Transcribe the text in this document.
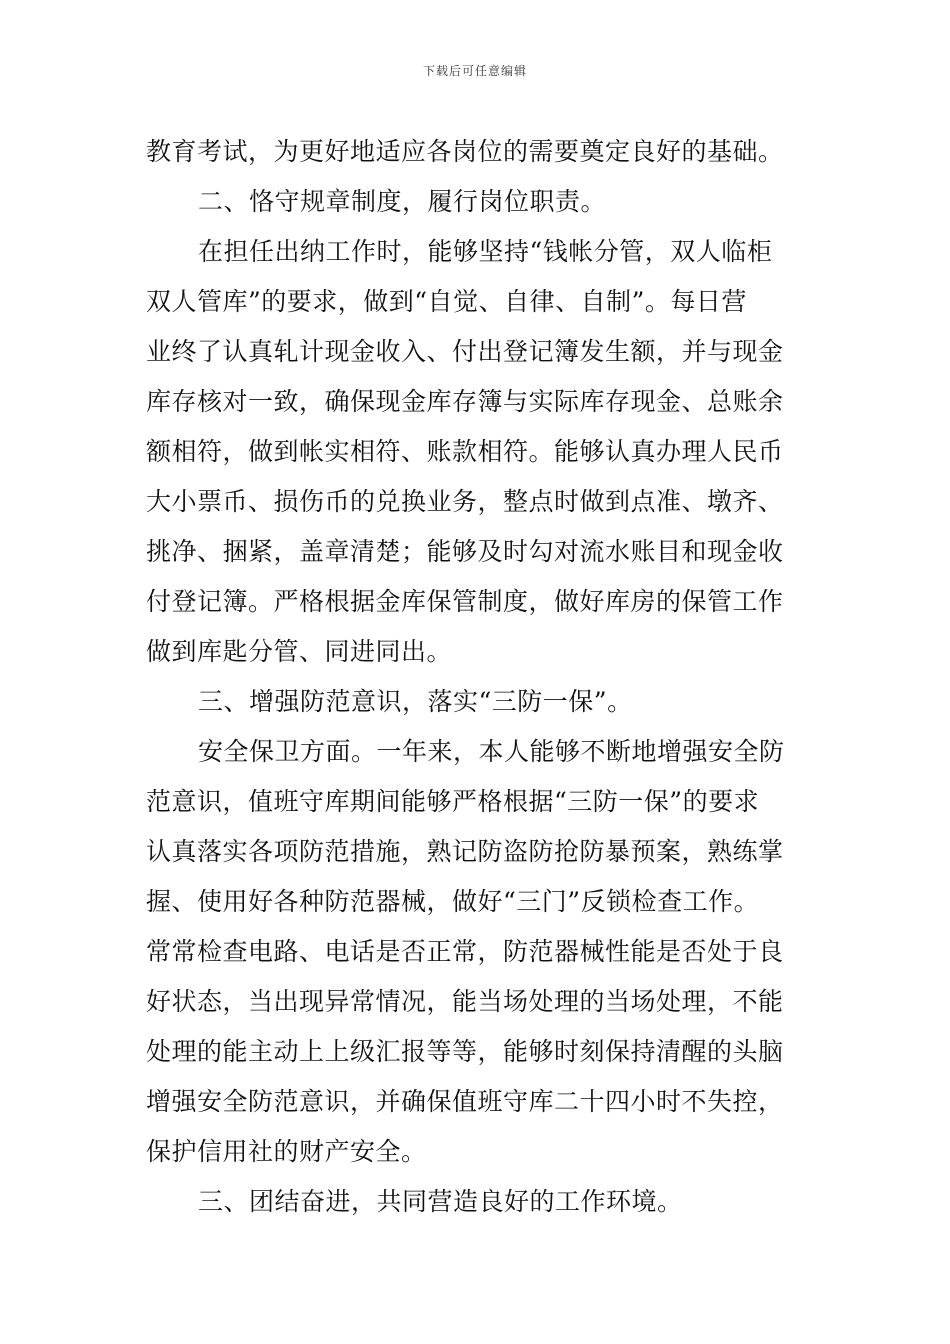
下载后可任意编辑
教育考试，为更好地适应各岗位的需要奠定良好的基础。
二、恪守规章制度，履行岗位职责。
在担任出纳工作时，能够坚持“钱帐分管，双人临柜
双人管库”的要求，做到“自觉、自律、自制”。每日营
业终了认真轧计现金收入、付出登记簿发生额，并与现金
库存核对一致，确保现金库存簿与实际库存现金、总账余
额相符，做到帐实相符、账款相符。能够认真办理人民币
大小票币、损伤币的兑换业务，整点时做到点准、墩齐、
挑净、捆紧，盖章清楚；能够及时勾对流水账目和现金收
付登记簿。严格根据金库保管制度，做好库房的保管工作
做到库匙分管、同进同出。
三、增强防范意识，落实“三防一保”。
安全保卫方面。一年来，本人能够不断地增强安全防
范意识，值班守库期间能够严格根据“三防一保”的要求
认真落实各项防范措施，熟记防盗防抢防暴预案，熟练掌
握、使用好各种防范器械，做好“三门”反锁检查工作。
常常检查电路、电话是否正常，防范器械性能是否处于良
好状态，当出现异常情况，能当场处理的当场处理，不能
处理的能主动上上级汇报等等，能够时刻保持清醒的头脑
增强安全防范意识，并确保值班守库二十四小时不失控，
保护信用社的财产安全。
三、团结奋进，共同营造良好的工作环境。
